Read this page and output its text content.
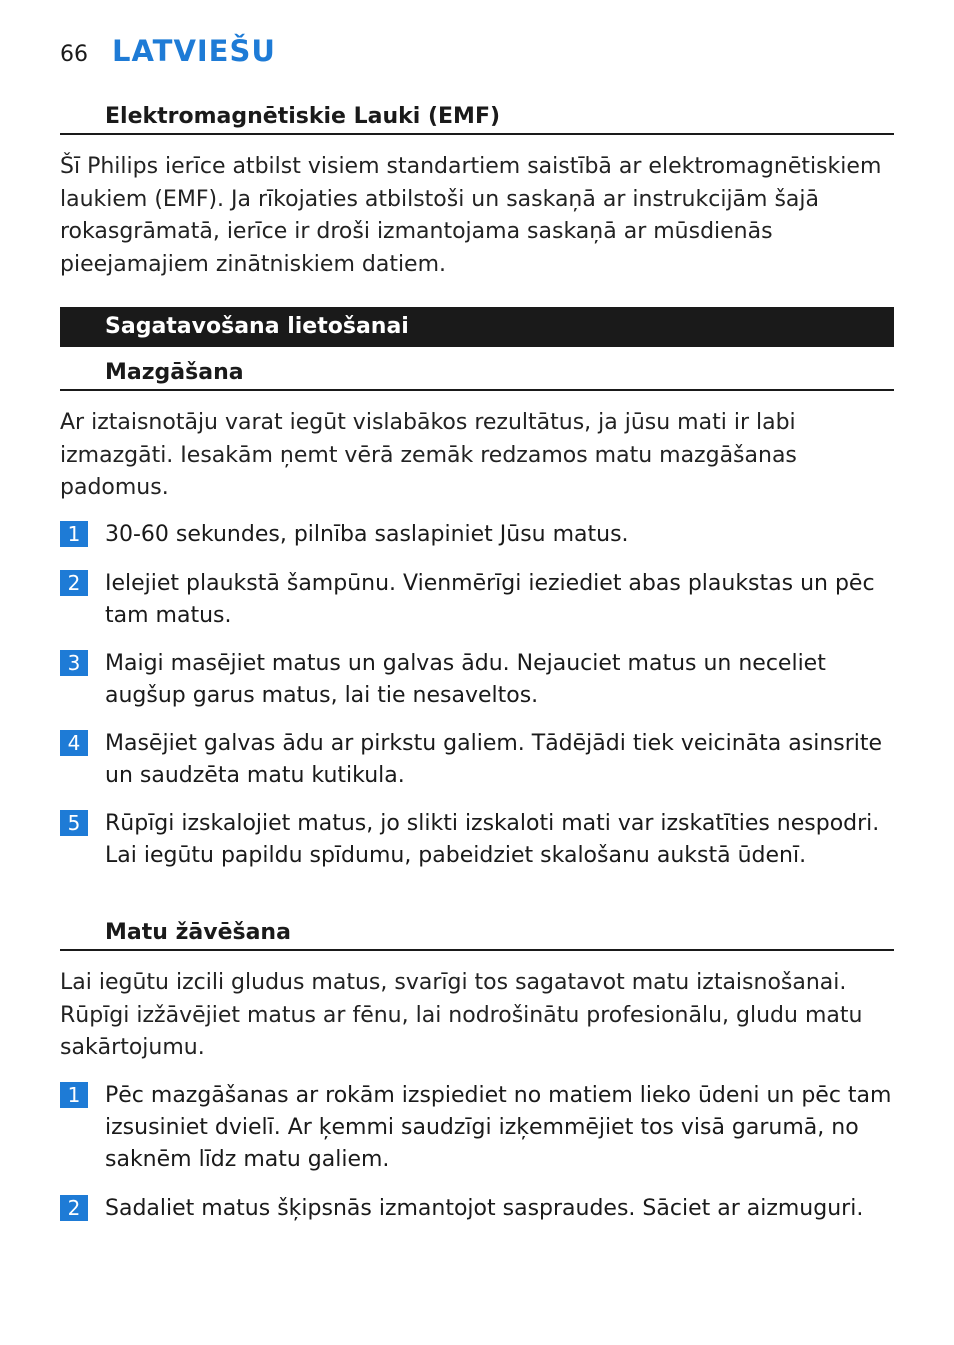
66 LATVIEŠU
Elektromagnētiskie Lauki (EMF)
Šī Philips ierīce atbilst visiem standartiem saistībā ar elektromagnētiskiem laukiem (EMF). Ja rīkojaties atbilstoši un saskaņā ar instrukcijām šajā rokasgrāmatā, ierīce ir droši izmantojama saskaņā ar mūsdienās pieejamajiem zinātniskiem datiem.
Sagatavošana lietošanai
Mazgāšana
Ar iztaisnotāju varat iegūt vislabākos rezultātus, ja jūsu mati ir labi izmazgāti. Iesakām ņemt vērā zemāk redzamos matu mazgāšanas padomus.
1	30-60 sekundes, pilnība saslapiniet Jūsu matus.
2	Ielejiet plaukstā šampūnu. Vienmērīgi ieziediet abas plaukstas un pēc tam matus.
3	Maigi masējiet matus un galvas ādu. Nejauciet matus un neceliet augšup garus matus, lai tie nesaveltos.
4	Masējiet galvas ādu ar pirkstu galiem. Tādējādi tiek veicināta asinsrite un saudzēta matu kutikula.
5	Rūpīgi izskalojiet matus, jo slikti izskaloti mati var izskatīties nespodri. Lai iegūtu papildu spīdumu, pabeidziet skalošanu aukstā ūdenī.
Matu žāvēšana
Lai iegūtu izcili gludus matus, svarīgi tos sagatavot matu iztaisnošanai. Rūpīgi izžāvējiet matus ar fēnu, lai nodrošinātu profesionālu, gludu matu sakārtojumu.
1	Pēc mazgāšanas ar rokām izspiediet no matiem lieko ūdeni un pēc tam izsusiniet dvielī. Ar ķemmi saudzīgi izķemmējiet tos visā garumā, no saknēm līdz matu galiem.
2	Sadaliet matus šķipsnās izmantojot saspraudes. Sāciet ar aizmuguri.
